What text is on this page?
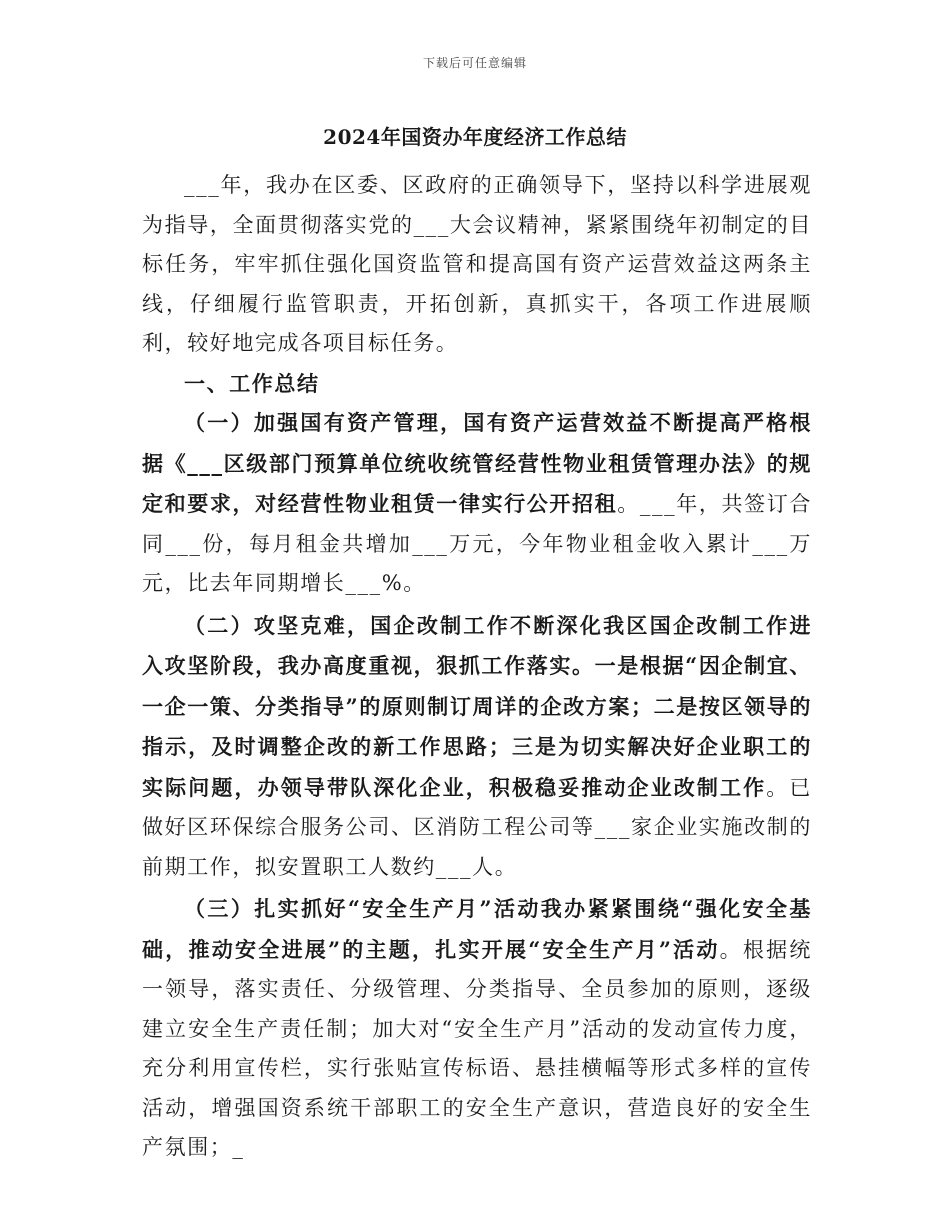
下载后可任意编辑
2024年国资办年度经济工作总结

___年，我办在区委、区政府的正确领导下，坚持以科学进展观为指导，全面贯彻落实党的___大会议精神，紧紧围绕年初制定的目标任务，牢牢抓住强化国资监管和提高国有资产运营效益这两条主线，仔细履行监管职责，开拓创新，真抓实干，各项工作进展顺利，较好地完成各项目标任务。

一、工作总结

（一）加强国有资产管理，国有资产运营效益不断提高严格根据《___区级部门预算单位统收统管经营性物业租赁管理办法》的规定和要求，对经营性物业租赁一律实行公开招租。___年，共签订合同___份，每月租金共增加___万元，今年物业租金收入累计___万元，比去年同期增长___%。

（二）攻坚克难，国企改制工作不断深化我区国企改制工作进入攻坚阶段，我办高度重视，狠抓工作落实。一是根据“因企制宜、一企一策、分类指导”的原则制订周详的企改方案；二是按区领导的指示，及时调整企改的新工作思路；三是为切实解决好企业职工的实际问题，办领导带队深化企业，积极稳妥推动企业改制工作。已做好区环保综合服务公司、区消防工程公司等___家企业实施改制的前期工作，拟安置职工人数约___人。

（三）扎实抓好“安全生产月”活动我办紧紧围绕“强化安全基础，推动安全进展”的主题，扎实开展“安全生产月”活动。根据统一领导，落实责任、分级管理、分类指导、全员参加的原则，逐级建立安全生产责任制；加大对“安全生产月”活动的发动宣传力度，充分利用宣传栏，实行张贴宣传标语、悬挂横幅等形式多样的宣传活动，增强国资系统干部职工的安全生产意识，营造良好的安全生产氛围；_
